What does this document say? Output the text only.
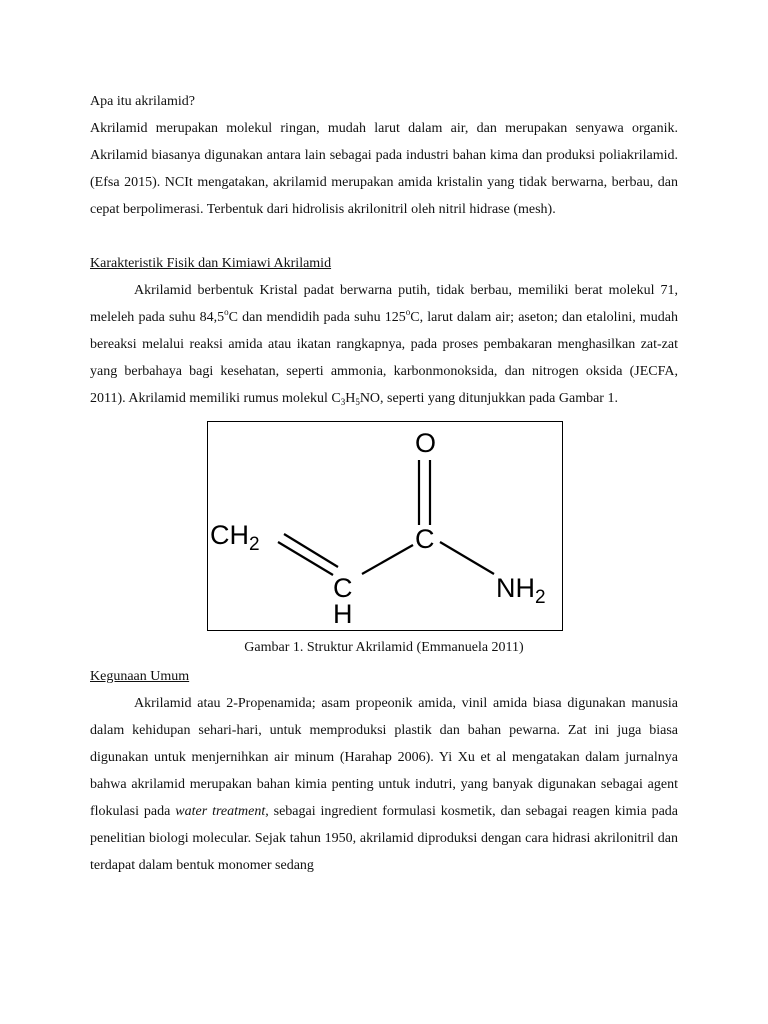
Apa itu akrilamid?

Akrilamid merupakan molekul ringan, mudah larut dalam air, dan merupakan senyawa organik. Akrilamid biasanya digunakan antara lain sebagai pada industri bahan kima dan produksi poliakrilamid. (Efsa 2015). NCIt mengatakan, akrilamid merupakan amida kristalin yang tidak berwarna, berbau, dan cepat berpolimerasi. Terbentuk dari hidrolisis akrilonitril oleh nitril hidrase (mesh).

Karakteristik Fisik dan Kimiawi Akrilamid

Akrilamid berbentuk Kristal padat berwarna putih, tidak berbau, memiliki berat molekul 71, meleleh pada suhu 84,5$^o$C dan mendidih pada suhu 125$^o$C, larut dalam air; aseton; dan etalolini, mudah bereaksi melalui reaksi amida atau ikatan rangkapnya, pada proses pembakaran menghasilkan zat-zat yang berbahaya bagi kesehatan, seperti ammonia, karbonmonoksida, dan nitrogen oksida (JECFA, 2011). Akrilamid memiliki rumus molekul $C_3H_5NO$, seperti yang ditunjukkan pada Gambar 1.

O
C
$CH_2$
C
H
$NH_2$

Gambar 1. Struktur Akrilamid (Emmanuela 2011)

Kegunaan Umum

Akrilamid atau 2-Propenamida; asam propeonik amida, vinil amida biasa digunakan manusia dalam kehidupan sehari-hari, untuk memproduksi plastik dan bahan pewarna. Zat ini juga biasa digunakan untuk menjernihkan air minum (Harahap 2006). Yi Xu et al mengatakan dalam jurnalnya bahwa akrilamid merupakan bahan kimia penting untuk indutri, yang banyak digunakan sebagai agent flokulasi pada water treatment, sebagai ingredient formulasi kosmetik, dan sebagai reagen kimia pada penelitian biologi molecular. Sejak tahun 1950, akrilamid diproduksi dengan cara hidrasi akrilonitril dan terdapat dalam bentuk monomer sedang
